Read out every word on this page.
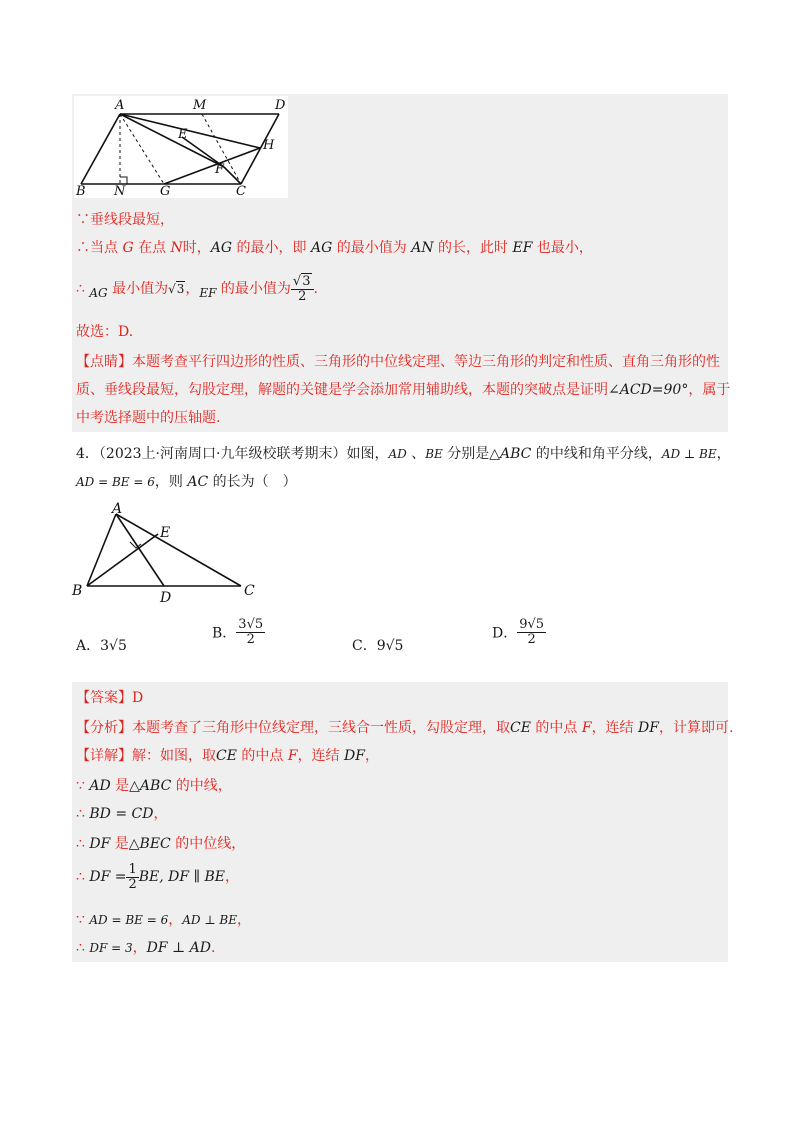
A	M	D
E
H
F
B N	G	C
∵垂线段最短，
∴当点 G 在点 N时，AG 的最小，即 AG 的最小值为 AN 的长，此时 EF 也最小，
∴ AG 最小值为√3，EF 的最小值为 $\frac{√3}{2}$ .
故选：D.
【点睛】本题考查平行四边形的性质、三角形的中位线定理、等边三角形的判定和性质、直角三角形的性
质、垂线段最短，勾股定理，解题的关键是学会添加常用辅助线，本题的突破点是证明∠ACD=90°，属于
中考选择题中的压轴题.
4．（2023上·河南周口·九年级校联考期末）如图，AD 、BE 分别是△ABC 的中线和角平分线，AD ⊥ BE，
AD = BE = 6，则 AC 的长为（　）
A
E
B	D	C
A．3√5
B． $\frac{3√5}{2}$	C．9√5
D． $\frac{9√5}{2}$
【答案】D
【分析】本题考查了三角形中位线定理，三线合一性质，勾股定理，取CE 的中点 F，连结 DF，计算即可.
【详解】解：如图，取CE 的中点 F，连结 DF，
∵ AD 是△ABC 的中线，
∴ BD = CD，
∴ DF 是△BEC 的中位线，
∴ DF = $\frac{1}{2}$ BE, DF ∥ BE，
∵ AD = BE = 6，AD ⊥ BE，
∴ DF = 3，DF ⊥ AD.
